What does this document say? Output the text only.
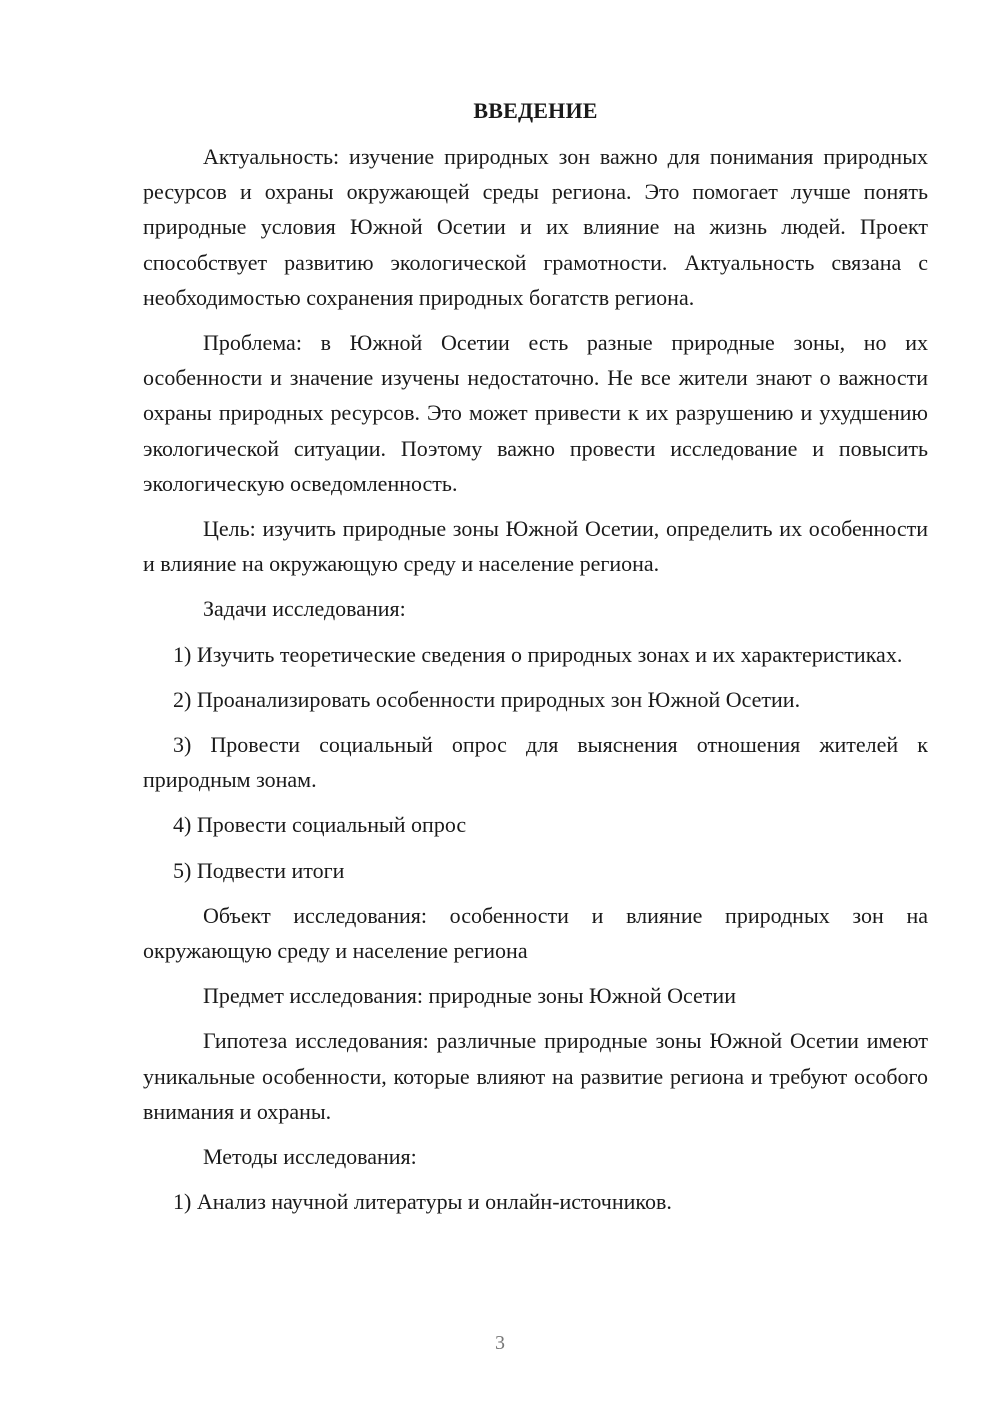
ВВЕДЕНИЕ

Актуальность: изучение природных зон важно для понимания природных ресурсов и охраны окружающей среды региона. Это помогает лучше понять природные условия Южной Осетии и их влияние на жизнь людей. Проект способствует развитию экологической грамотности. Актуальность связана с необходимостью сохранения природных богатств региона.

Проблема: в Южной Осетии есть разные природные зоны, но их особенности и значение изучены недостаточно. Не все жители знают о важности охраны природных ресурсов. Это может привести к их разрушению и ухудшению экологической ситуации. Поэтому важно провести исследование и повысить экологическую осведомленность.

Цель: изучить природные зоны Южной Осетии, определить их особенности и влияние на окружающую среду и население региона.

Задачи исследования:

1) Изучить теоретические сведения о природных зонах и их характеристиках.

2) Проанализировать особенности природных зон Южной Осетии.

3) Провести социальный опрос для выяснения отношения жителей к природным зонам.

4) Провести социальный опрос

5) Подвести итоги

Объект исследования: особенности и влияние природных зон на окружающую среду и население региона

Предмет исследования: природные зоны Южной Осетии

Гипотеза исследования: различные природные зоны Южной Осетии имеют уникальные особенности, которые влияют на развитие региона и требуют особого внимания и охраны.

Методы исследования:

1) Анализ научной литературы и онлайн-источников.

3
